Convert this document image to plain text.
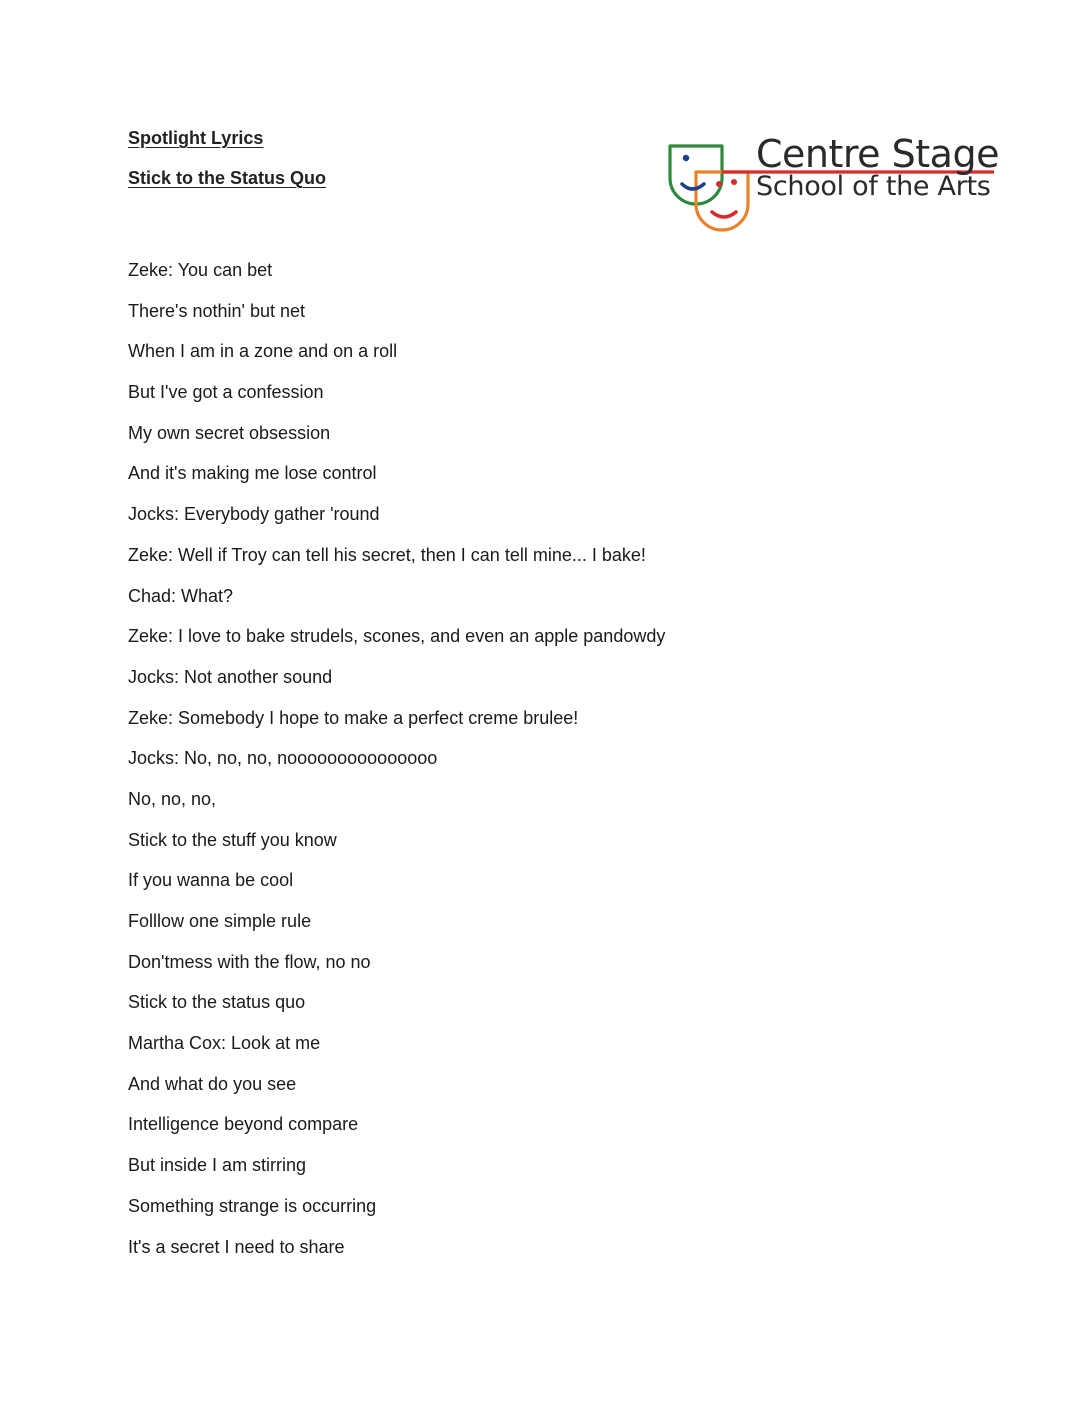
Spotlight Lyrics

Stick to the Status Quo

Centre Stage
School of the Arts
Zeke: You can bet
There's nothin' but net
When I am in a zone and on a roll
But I've got a confession
My own secret obsession
And it's making me lose control
Jocks: Everybody gather 'round
Zeke: Well if Troy can tell his secret, then I can tell mine... I bake!
Chad: What?
Zeke: I love to bake strudels, scones, and even an apple pandowdy
Jocks: Not another sound
Zeke: Somebody I hope to make a perfect creme brulee!
Jocks: No, no, no, nooooooooooooooo
No, no, no,
Stick to the stuff you know
If you wanna be cool
Folllow one simple rule
Don'tmess with the flow, no no
Stick to the status quo
Martha Cox: Look at me
And what do you see
Intelligence beyond compare
But inside I am stirring
Something strange is occurring
It's a secret I need to share
